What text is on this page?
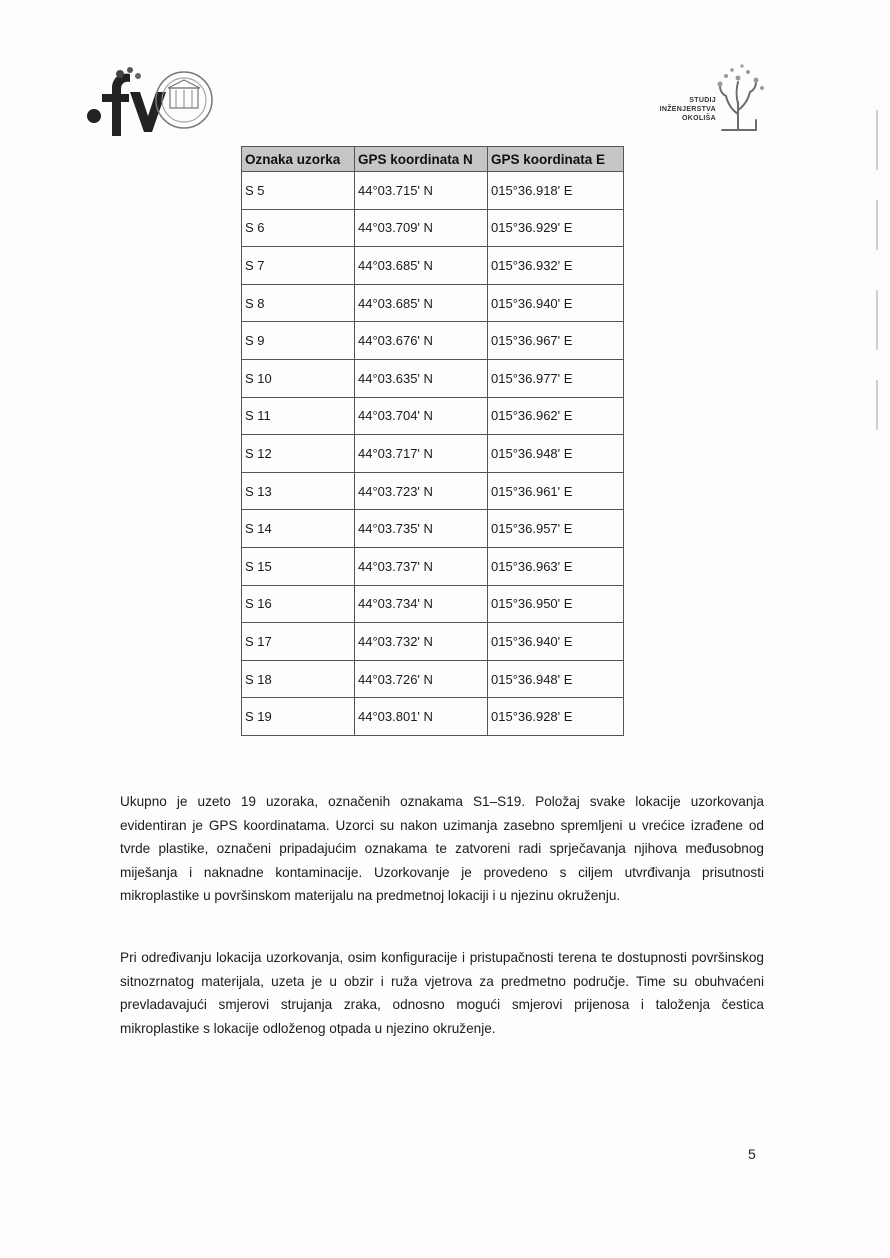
STUDIJ
INŽENJERSTVA
OKOLIŠA
Oznaka uzorka	GPS koordinata N	GPS koordinata E
S 5	44°03.715' N	015°36.918' E
S 6	44°03.709' N	015°36.929' E
S 7	44°03.685' N	015°36.932' E
S 8	44°03.685' N	015°36.940' E
S 9	44°03.676' N	015°36.967' E
S 10	44°03.635' N	015°36.977' E
S 11	44°03.704' N	015°36.962' E
S 12	44°03.717' N	015°36.948' E
S 13	44°03.723' N	015°36.961' E
S 14	44°03.735' N	015°36.957' E
S 15	44°03.737' N	015°36.963' E
S 16	44°03.734' N	015°36.950' E
S 17	44°03.732' N	015°36.940' E
S 18	44°03.726' N	015°36.948' E
S 19	44°03.801' N	015°36.928' E

Ukupno je uzeto 19 uzoraka, označenih oznakama S1–S19. Položaj svake lokacije uzorkovanja evidentiran je GPS koordinatama. Uzorci su nakon uzimanja zasebno spremljeni u vrećice izrađene od tvrde plastike, označeni pripadajućim oznakama te zatvoreni radi sprječavanja njihova međusobnog miješanja i naknadne kontaminacije. Uzorkovanje je provedeno s ciljem utvrđivanja prisutnosti mikroplastike u površinskom materijalu na predmetnoj lokaciji i u njezinu okruženju.

Pri određivanju lokacija uzorkovanja, osim konfiguracije i pristupačnosti terena te dostupnosti površinskog sitnozrnatog materijala, uzeta je u obzir i ruža vjetrova za predmetno područje. Time su obuhvaćeni prevladavajući smjerovi strujanja zraka, odnosno mogući smjerovi prijenosa i taloženja čestica mikroplastike s lokacije odloženog otpada u njezino okruženje.

5
